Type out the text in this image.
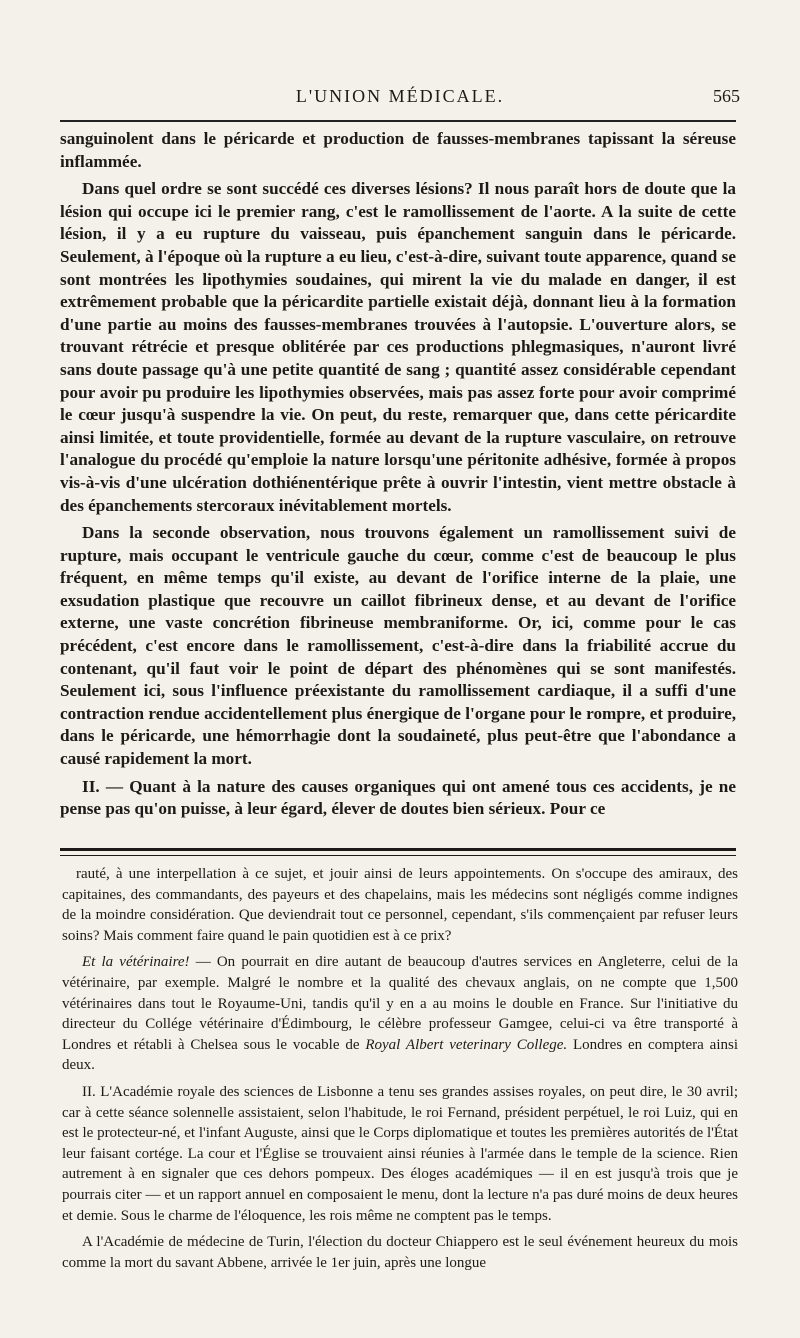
L'UNION MÉDICALE.	565

sanguinolent dans le péricarde et production de fausses-membranes tapissant la séreuse inflammée.

Dans quel ordre se sont succédé ces diverses lésions? Il nous paraît hors de doute que la lésion qui occupe ici le premier rang, c'est le ramollissement de l'aorte. A la suite de cette lésion, il y a eu rupture du vaisseau, puis épanchement sanguin dans le péricarde. Seulement, à l'époque où la rupture a eu lieu, c'est-à-dire, suivant toute apparence, quand se sont montrées les lipothymies soudaines, qui mirent la vie du malade en danger, il est extrêmement probable que la péricardite partielle existait déjà, donnant lieu à la formation d'une partie au moins des fausses-membranes trouvées à l'autopsie. L'ouverture alors, se trouvant rétrécie et presque oblitérée par ces productions phlegmasiques, n'auront livré sans doute passage qu'à une petite quantité de sang ; quantité assez considérable cependant pour avoir pu produire les lipothymies observées, mais pas assez forte pour avoir comprimé le cœur jusqu'à suspendre la vie. On peut, du reste, remarquer que, dans cette péricardite ainsi limitée, et toute providentielle, formée au devant de la rupture vasculaire, on retrouve l'analogue du procédé qu'emploie la nature lorsqu'une péritonite adhésive, formée à propos vis-à-vis d'une ulcération dothiénentérique prête à ouvrir l'intestin, vient mettre obstacle à des épanchements stercoraux inévitablement mortels.

Dans la seconde observation, nous trouvons également un ramollissement suivi de rupture, mais occupant le ventricule gauche du cœur, comme c'est de beaucoup le plus fréquent, en même temps qu'il existe, au devant de l'orifice interne de la plaie, une exsudation plastique que recouvre un caillot fibrineux dense, et au devant de l'orifice externe, une vaste concrétion fibrineuse membraniforme. Or, ici, comme pour le cas précédent, c'est encore dans le ramollissement, c'est-à-dire dans la friabilité accrue du contenant, qu'il faut voir le point de départ des phénomènes qui se sont manifestés. Seulement ici, sous l'influence préexistante du ramollissement cardiaque, il a suffi d'une contraction rendue accidentellement plus énergique de l'organe pour le rompre, et produire, dans le péricarde, une hémorrhagie dont la soudaineté, plus peut-être que l'abondance a causé rapidement la mort.

II. — Quant à la nature des causes organiques qui ont amené tous ces accidents, je ne pense pas qu'on puisse, à leur égard, élever de doutes bien sérieux. Pour ce

rauté, à une interpellation à ce sujet, et jouir ainsi de leurs appointements. On s'occupe des amiraux, des capitaines, des commandants, des payeurs et des chapelains, mais les médecins sont négligés comme indignes de la moindre considération. Que deviendrait tout ce personnel, cependant, s'ils commençaient par refuser leurs soins? Mais comment faire quand le pain quotidien est à ce prix?

Et la vétérinaire! — On pourrait en dire autant de beaucoup d'autres services en Angleterre, celui de la vétérinaire, par exemple. Malgré le nombre et la qualité des chevaux anglais, on ne compte que 1,500 vétérinaires dans tout le Royaume-Uni, tandis qu'il y en a au moins le double en France. Sur l'initiative du directeur du Collége vétérinaire d'Édimbourg, le célèbre professeur Gamgee, celui-ci va être transporté à Londres et rétabli à Chelsea sous le vocable de Royal Albert veterinary College. Londres en comptera ainsi deux.

II. L'Académie royale des sciences de Lisbonne a tenu ses grandes assises royales, on peut dire, le 30 avril; car à cette séance solennelle assistaient, selon l'habitude, le roi Fernand, président perpétuel, le roi Luiz, qui en est le protecteur-né, et l'infant Auguste, ainsi que le Corps diplomatique et toutes les premières autorités de l'État leur faisant cortége. La cour et l'Église se trouvaient ainsi réunies à l'armée dans le temple de la science. Rien autrement à en signaler que ces dehors pompeux. Des éloges académiques — il en est jusqu'à trois que je pourrais citer — et un rapport annuel en composaient le menu, dont la lecture n'a pas duré moins de deux heures et demie. Sous le charme de l'éloquence, les rois même ne comptent pas le temps.

A l'Académie de médecine de Turin, l'élection du docteur Chiappero est le seul événement heureux du mois comme la mort du savant Abbene, arrivée le 1er juin, après une longue
